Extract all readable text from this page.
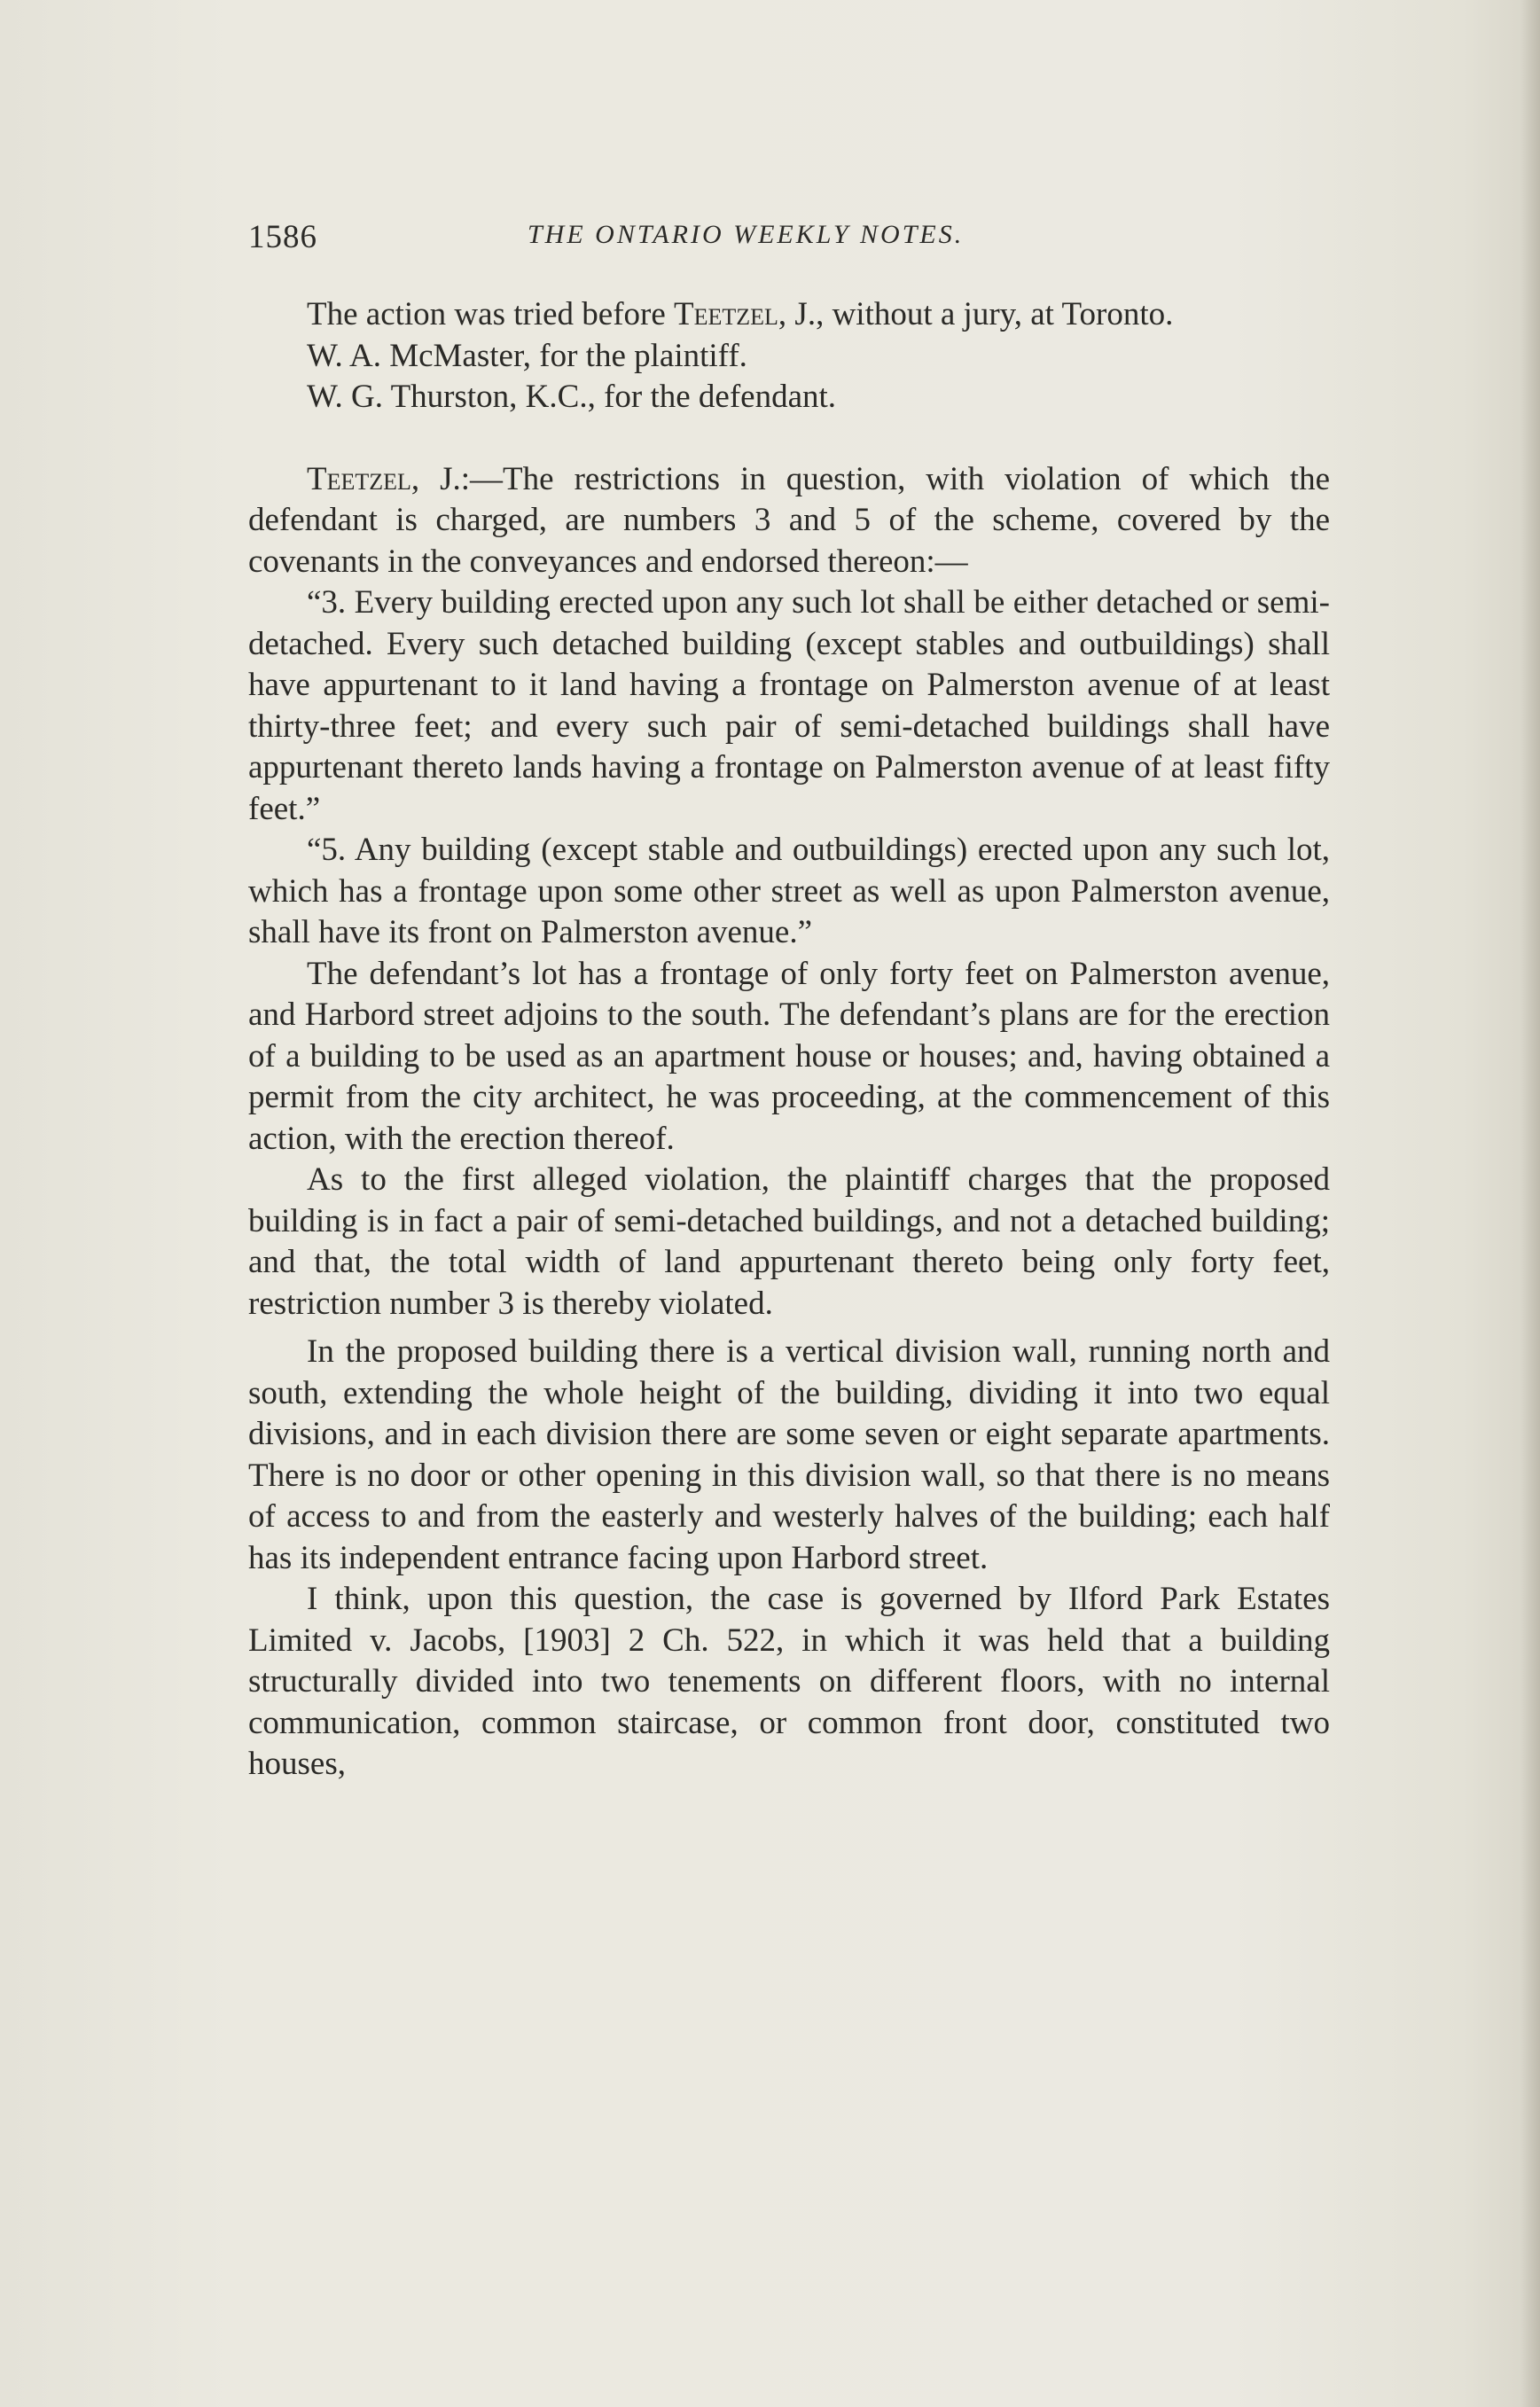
1586	THE ONTARIO WEEKLY NOTES.

The action was tried before Teetzel, J., without a jury, at Toronto.

W. A. McMaster, for the plaintiff.

W. G. Thurston, K.C., for the defendant.

Teetzel, J.:—The restrictions in question, with violation of which the defendant is charged, are numbers 3 and 5 of the scheme, covered by the covenants in the conveyances and endorsed thereon:—

“3. Every building erected upon any such lot shall be either detached or semi-detached. Every such detached building (except stables and outbuildings) shall have appurtenant to it land having a frontage on Palmerston avenue of at least thirty-three feet; and every such pair of semi-detached buildings shall have appurtenant thereto lands having a frontage on Palmerston avenue of at least fifty feet.”

“5. Any building (except stable and outbuildings) erected upon any such lot, which has a frontage upon some other street as well as upon Palmerston avenue, shall have its front on Palmerston avenue.”

The defendant’s lot has a frontage of only forty feet on Palmerston avenue, and Harbord street adjoins to the south. The defendant’s plans are for the erection of a building to be used as an apartment house or houses; and, having obtained a permit from the city architect, he was proceeding, at the commencement of this action, with the erection thereof.

As to the first alleged violation, the plaintiff charges that the proposed building is in fact a pair of semi-detached buildings, and not a detached building; and that, the total width of land appurtenant thereto being only forty feet, restriction number 3 is thereby violated.

In the proposed building there is a vertical division wall, running north and south, extending the whole height of the building, dividing it into two equal divisions, and in each division there are some seven or eight separate apartments. There is no door or other opening in this division wall, so that there is no means of access to and from the easterly and westerly halves of the building; each half has its independent entrance facing upon Harbord street.

I think, upon this question, the case is governed by Ilford Park Estates Limited v. Jacobs, [1903] 2 Ch. 522, in which it was held that a building structurally divided into two tenements on different floors, with no internal communication, common staircase, or common front door, constituted two houses,
